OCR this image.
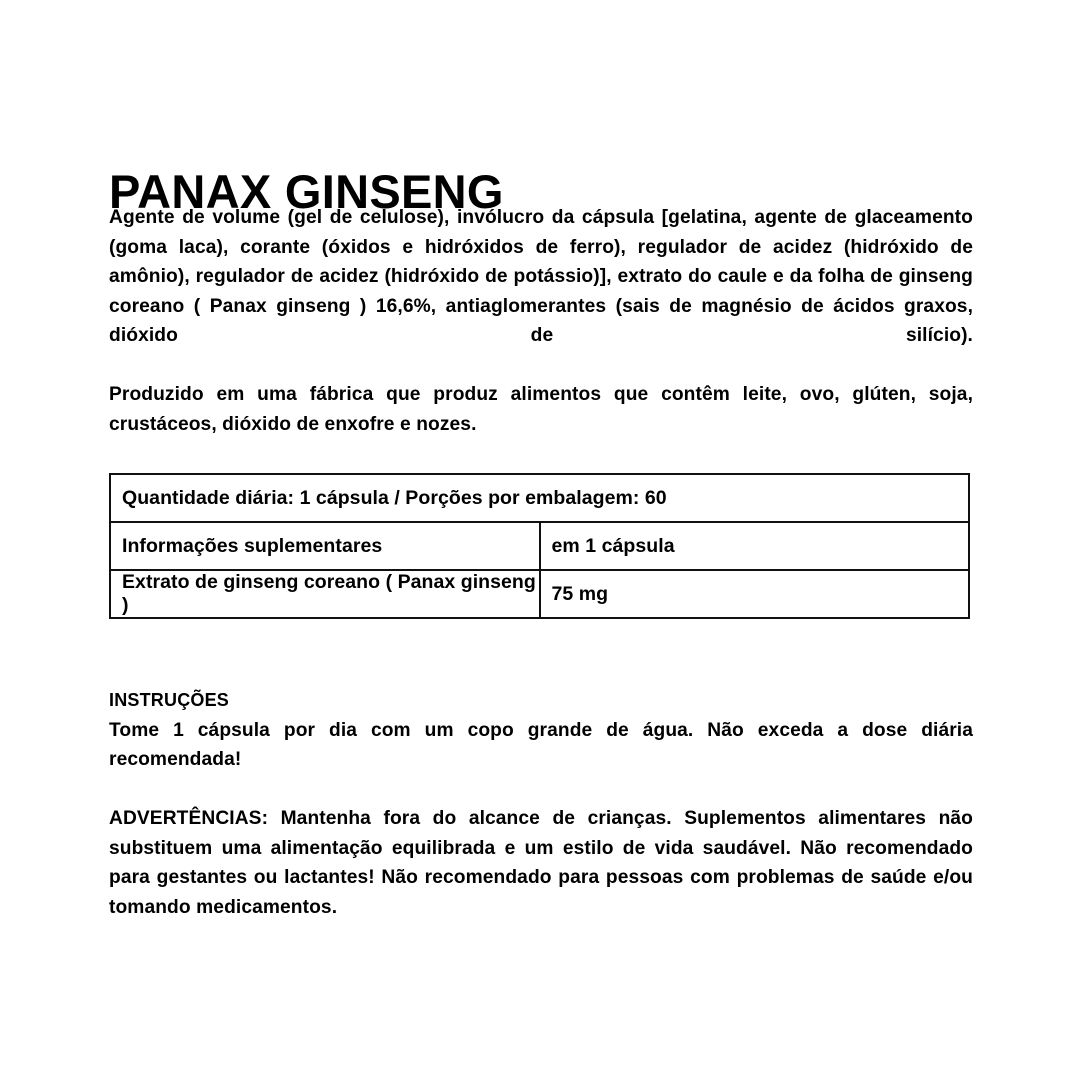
PANAX GINSENG

Agente de volume (gel de celulose), invólucro da cápsula [gelatina, agente de glaceamento (goma laca), corante (óxidos e hidróxidos de ferro), regulador de acidez (hidróxido de amônio), regulador de acidez (hidróxido de potássio)], extrato do caule e da folha de ginseng coreano ( Panax ginseng ) 16,6%, antiaglomerantes (sais de magnésio de ácidos graxos, dióxido de silício).

Produzido em uma fábrica que produz alimentos que contêm leite, ovo, glúten, soja, crustáceos, dióxido de enxofre e nozes.

Quantidade diária: 1 cápsula / Porções por embalagem: 60	
Informações suplementares	em 1 cápsula
Extrato de ginseng coreano ( Panax ginseng )	75 mg

INSTRUÇÕES

Tome 1 cápsula por dia com um copo grande de água. Não exceda a dose diária recomendada!

ADVERTÊNCIAS: Mantenha fora do alcance de crianças. Suplementos alimentares não substituem uma alimentação equilibrada e um estilo de vida saudável. Não recomendado para gestantes ou lactantes! Não recomendado para pessoas com problemas de saúde e/ou tomando medicamentos.
